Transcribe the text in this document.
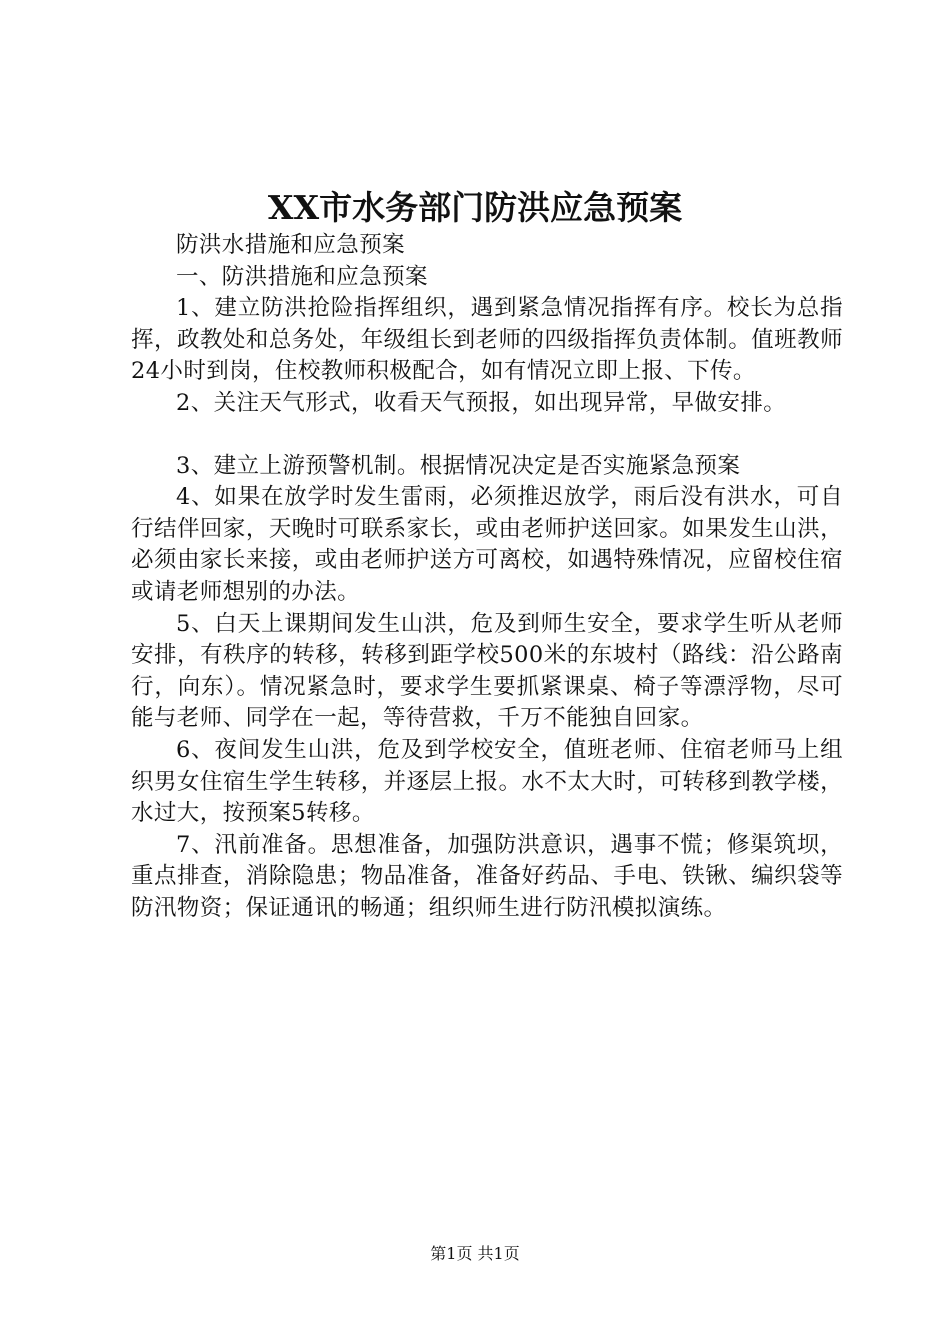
XX市水务部门防洪应急预案

防洪水措施和应急预案

一、防洪措施和应急预案

1、建立防洪抢险指挥组织，遇到紧急情况指挥有序。校长为总指挥，政教处和总务处，年级组长到老师的四级指挥负责体制。值班教师24小时到岗，住校教师积极配合，如有情况立即上报、下传。

2、关注天气形式，收看天气预报，如出现异常，早做安排。

3、建立上游预警机制。根据情况决定是否实施紧急预案

4、如果在放学时发生雷雨，必须推迟放学，雨后没有洪水，可自行结伴回家，天晚时可联系家长，或由老师护送回家。如果发生山洪，必须由家长来接，或由老师护送方可离校，如遇特殊情况，应留校住宿或请老师想别的办法。

5、白天上课期间发生山洪，危及到师生安全，要求学生听从老师安排，有秩序的转移，转移到距学校500米的东坡村（路线：沿公路南行，向东）。情况紧急时，要求学生要抓紧课桌、椅子等漂浮物，尽可能与老师、同学在一起，等待营救，千万不能独自回家。

6、夜间发生山洪，危及到学校安全，值班老师、住宿老师马上组织男女住宿生学生转移，并逐层上报。水不太大时，可转移到教学楼，水过大，按预案5转移。

7、汛前准备。思想准备，加强防洪意识，遇事不慌；修渠筑坝，重点排查，消除隐患；物品准备，准备好药品、手电、铁锹、编织袋等防汛物资；保证通讯的畅通；组织师生进行防汛模拟演练。

第1页 共1页
